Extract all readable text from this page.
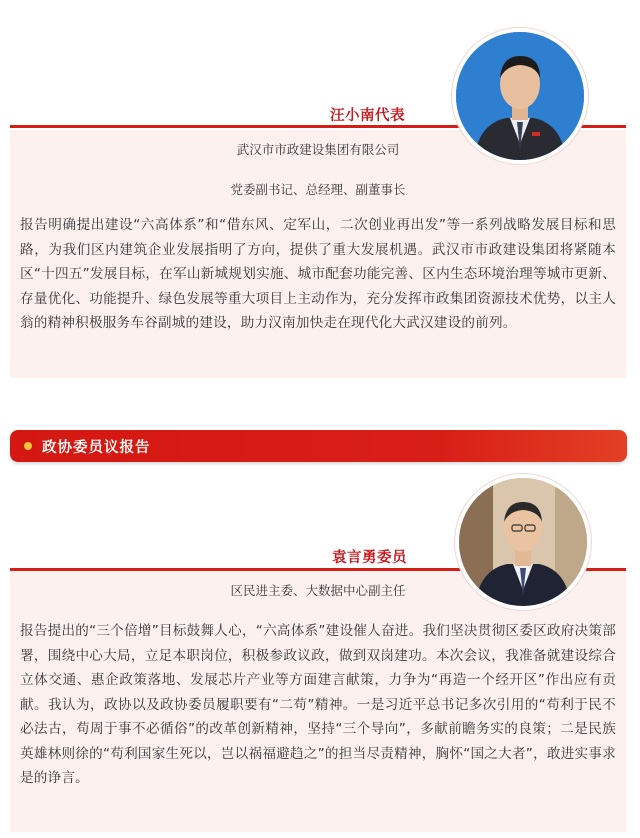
汪小南代表
武汉市市政建设集团有限公司
党委副书记、总经理、副董事长
报告明确提出建设“六高体系”和“借东风、定军山，二次创业再出发”等一系列战略发展目标和思路，为我们区内建筑企业发展指明了方向，提供了重大发展机遇。武汉市市政建设集团将紧随本区“十四五”发展目标，在军山新城规划实施、城市配套功能完善、区内生态环境治理等城市更新、存量优化、功能提升、绿色发展等重大项目上主动作为，充分发挥市政集团资源技术优势，以主人翁的精神积极服务车谷副城的建设，助力汉南加快走在现代化大武汉建设的前列。
政协委员议报告
袁言勇委员
区民进主委、大数据中心副主任
报告提出的“三个倍增”目标鼓舞人心，“六高体系”建设催人奋进。我们坚决贯彻区委区政府决策部署，围绕中心大局，立足本职岗位，积极参政议政，做到双岗建功。本次会议，我准备就建设综合立体交通、惠企政策落地、发展芯片产业等方面建言献策，力争为“再造一个经开区”作出应有贡献。我认为，政协以及政协委员履职要有“二苟”精神。一是习近平总书记多次引用的“苟利于民不必法古，苟周于事不必循俗”的改革创新精神，坚持“三个导向”，多献前瞻务实的良策；二是民族英雄林则徐的“苟利国家生死以，岂以祸福避趋之”的担当尽责精神，胸怀“国之大者”，敢进实事求是的诤言。
